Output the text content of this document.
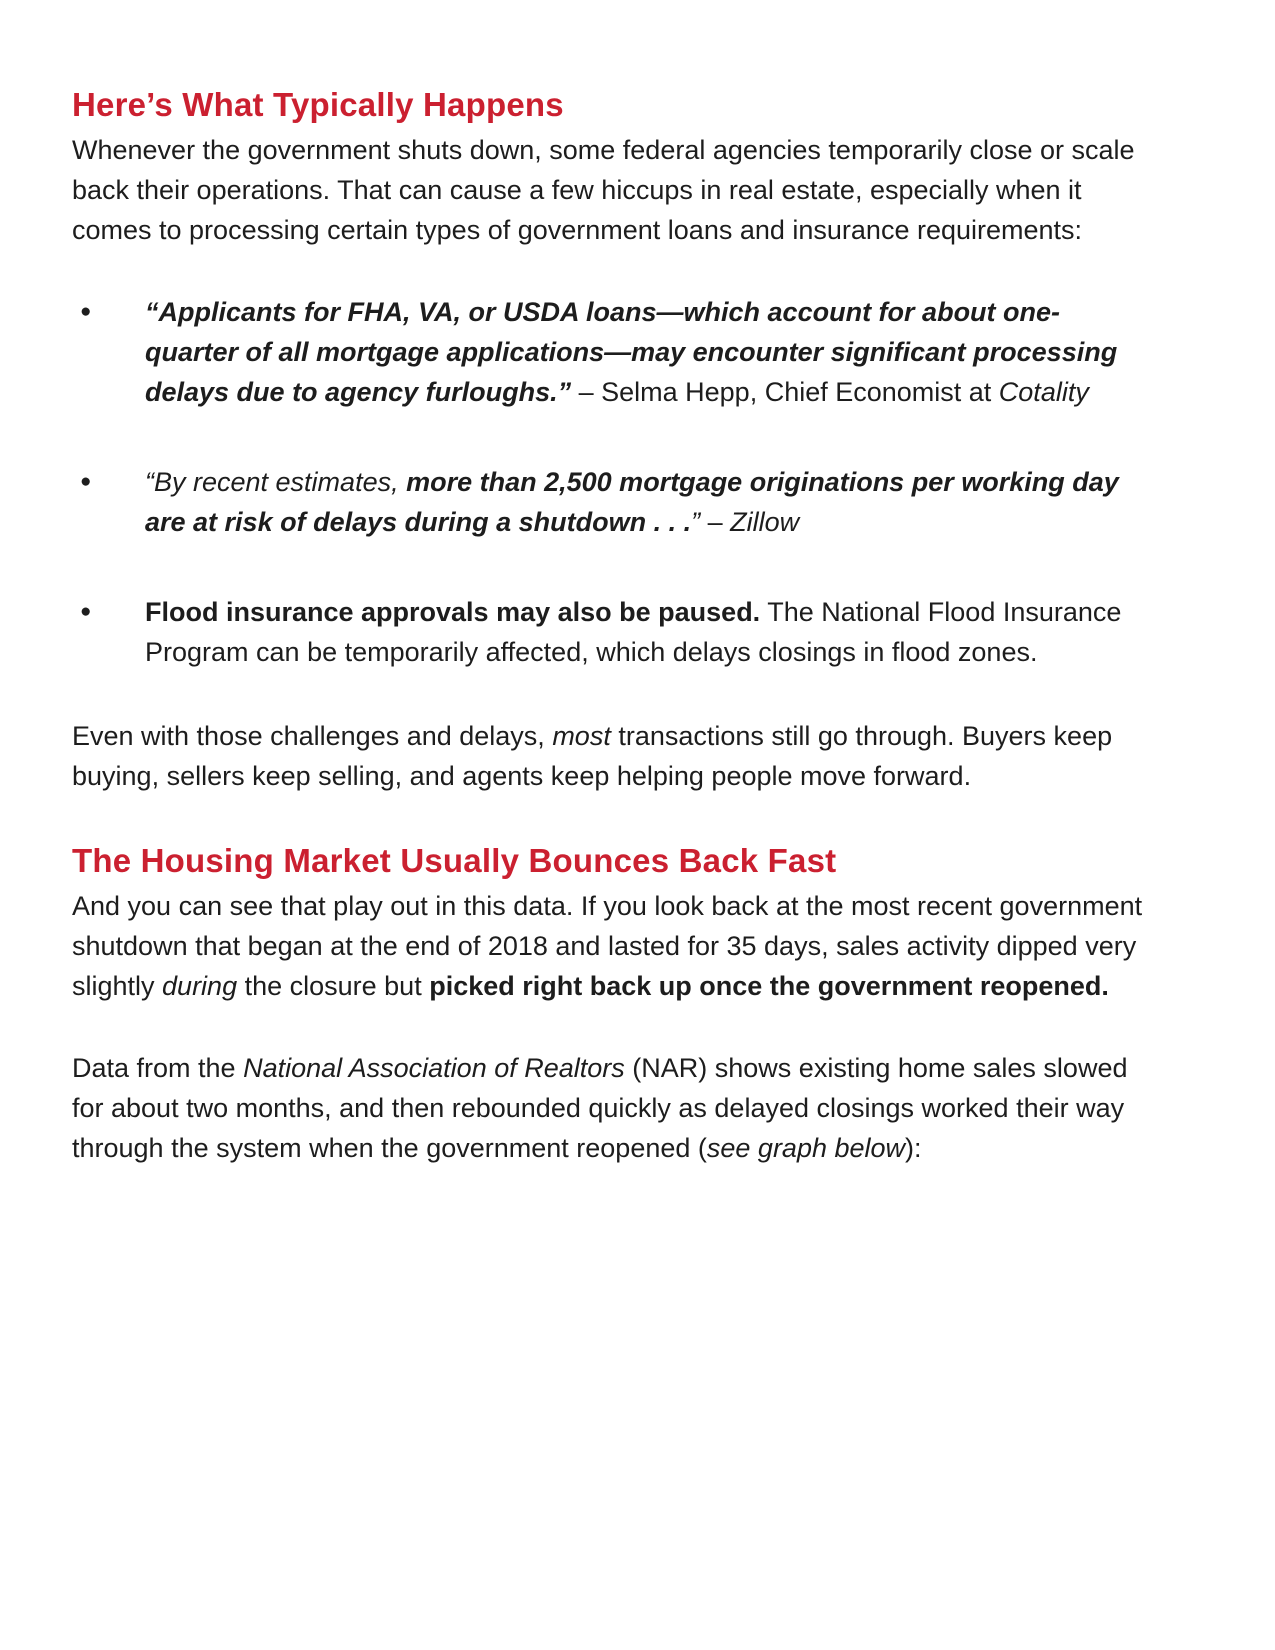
Here’s What Typically Happens

Whenever the government shuts down, some federal agencies temporarily close or scale back their operations. That can cause a few hiccups in real estate, especially when it comes to processing certain types of government loans and insurance requirements:

● “Applicants for FHA, VA, or USDA loans—which account for about one-quarter of all mortgage applications—may encounter significant processing delays due to agency furloughs.” – Selma Hepp, Chief Economist at Cotality
● “By recent estimates, more than 2,500 mortgage originations per working day are at risk of delays during a shutdown . . .” – Zillow
● Flood insurance approvals may also be paused. The National Flood Insurance Program can be temporarily affected, which delays closings in flood zones.

Even with those challenges and delays, most transactions still go through. Buyers keep buying, sellers keep selling, and agents keep helping people move forward.

The Housing Market Usually Bounces Back Fast

And you can see that play out in this data. If you look back at the most recent government shutdown that began at the end of 2018 and lasted for 35 days, sales activity dipped very slightly during the closure but picked right back up once the government reopened.

Data from the National Association of Realtors (NAR) shows existing home sales slowed for about two months, and then rebounded quickly as delayed closings worked their way through the system when the government reopened (see graph below):
